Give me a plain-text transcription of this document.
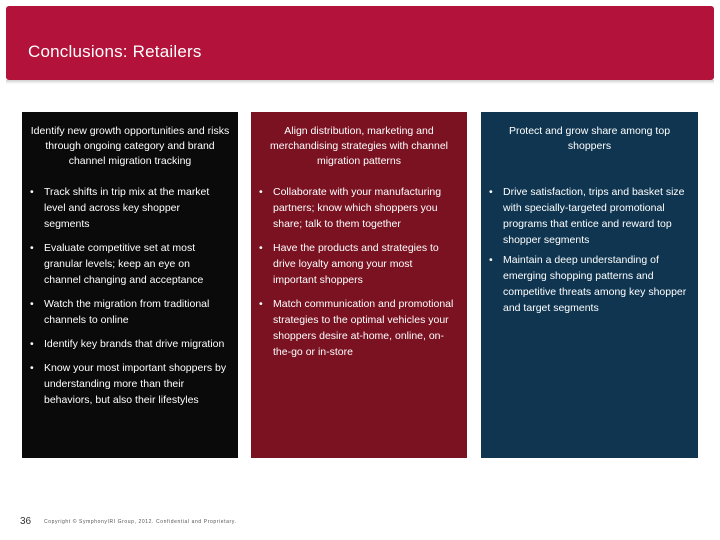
Conclusions: Retailers
Identify new growth opportunities and risks through ongoing category and brand channel migration tracking
• Track shifts in trip mix at the market level and across key shopper segments
• Evaluate competitive set at most granular levels; keep an eye on channel changing and acceptance
• Watch the migration from traditional channels to online
• Identify key brands that drive migration
• Know your most important shoppers by understanding more than their behaviors, but also their lifestyles
Align distribution, marketing and merchandising strategies with channel migration patterns
• Collaborate with your manufacturing partners; know which shoppers you share; talk to them together
• Have the products and strategies to drive loyalty among your most important shoppers
• Match communication and promotional strategies to the optimal vehicles your shoppers desire at-home, online, on-the-go or in-store
Protect and grow share among top shoppers
• Drive satisfaction, trips and basket size with specially-targeted promotional programs that entice and reward top shopper segments
• Maintain a deep understanding of emerging shopping patterns and competitive threats among key shopper and target segments
36	Copyright © SymphonyIRI Group, 2012. Confidential and Proprietary.
